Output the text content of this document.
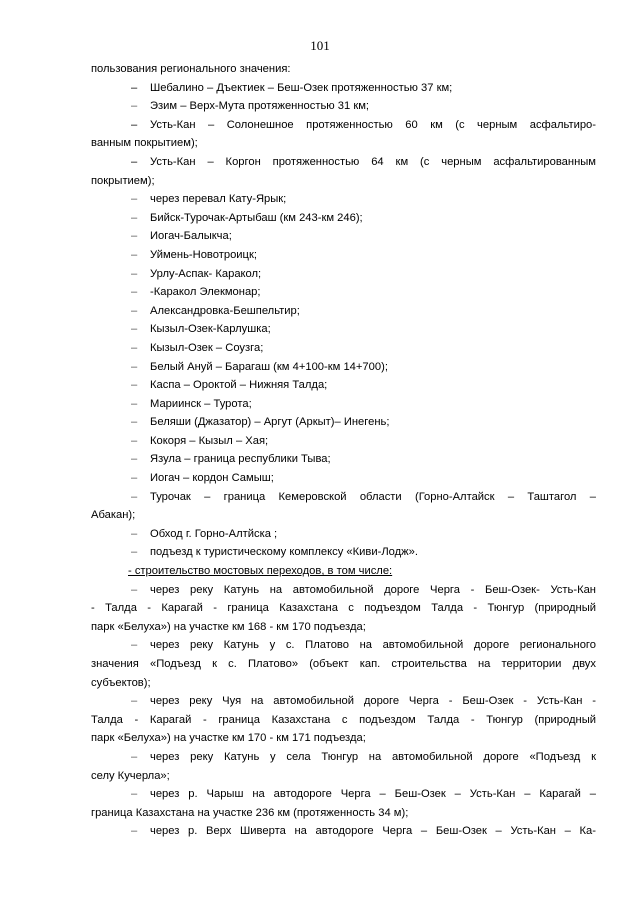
101
пользования регионального значения:
– Шебалино – Дъектиек – Беш-Озек протяженностью 37 км;
– Эзим – Верх-Мута протяженностью 31 км;
– Усть-Кан – Солонешное протяженностью 60 км (с черным асфальтиро-
ванным покрытием);
– Усть-Кан – Коргон протяженностью 64 км (с черным асфальтированным
покрытием);
– через перевал Кату-Ярык;
– Бийск-Турочак-Артыбаш (км 243-км 246);
– Иогач-Балыкча;
– Уймень-Новотроицк;
– Урлу-Аспак- Каракол;
– -Каракол Элекмонар;
– Александровка-Бешпельтир;
– Кызыл-Озек-Карлушка;
– Кызыл-Озек – Соузга;
– Белый Ануй – Барагаш (км 4+100-км 14+700);
– Каспа – Ороктой – Нижняя Талда;
– Мариинск – Турота;
– Беляши (Джазатор) – Аргут (Аркыт)– Инегень;
– Кокоря – Кызыл – Хая;
– Язула – граница республики Тыва;
– Иогач – кордон Самыш;
– Турочак – граница Кемеровской области (Горно-Алтайск – Таштагол –
Абакан);
– Обход г. Горно-Алтйска ;
– подъезд к туристическому комплексу «Киви-Лодж».
- строительство мостовых переходов, в том числе:
– через реку Катунь на автомобильной дороге Черга - Беш-Озек- Усть-Кан
- Талда - Карагай - граница Казахстана с подъездом Талда - Тюнгур (природный
парк «Белуха») на участке км 168 - км 170 подъезда;
– через реку Катунь у с. Платово на автомобильной дороге регионального
значения «Подъезд к с. Платово» (объект кап. строительства на территории двух
субъектов);
– через реку Чуя на автомобильной дороге Черга - Беш-Озек - Усть-Кан -
Талда - Карагай - граница Казахстана с подъездом Талда - Тюнгур (природный
парк «Белуха») на участке км 170 - км 171 подъезда;
– через реку Катунь у села Тюнгур на автомобильной дороге «Подъезд к
селу Кучерла»;
– через р. Чарыш на автодороге Черга – Беш-Озек – Усть-Кан – Карагай –
граница Казахстана на участке 236 км (протяженность 34 м);
– через р. Верх Шиверта на автодороге Черга – Беш-Озек – Усть-Кан – Ка-
